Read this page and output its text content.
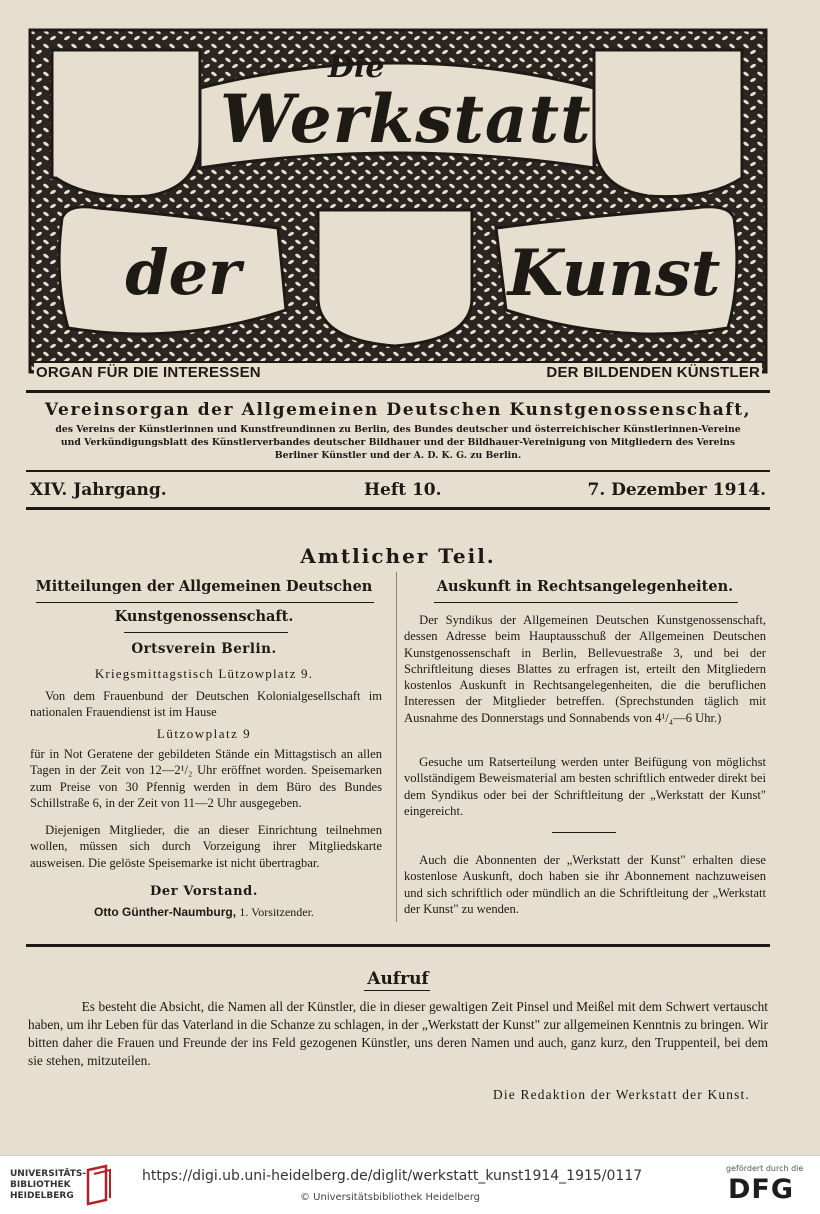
Die
Werkstatt
der	Kunst
ORGAN FÜR DIE INTERESSEN	DER BILDENDEN KÜNSTLER
Vereinsorgan der Allgemeinen Deutschen Kunstgenossenschaft,
des Vereins der Künstlerinnen und Kunstfreundinnen zu Berlin, des Bundes deutscher und österreichischer Künstlerinnen-Vereine
und Verkündigungsblatt des Künstlerverbandes deutscher Bildhauer und der Bildhauer-Vereinigung von Mitgliedern des Vereins
Berliner Künstler und der A. D. K. G. zu Berlin.
XIV. Jahrgang.	Heft 10.	7. Dezember 1914.
Amtlicher Teil.
Mitteilungen der Allgemeinen Deutschen
Kunstgenossenschaft.
Ortsverein Berlin.
Kriegsmittagstisch Lützowplatz 9.

Von dem Frauenbund der Deutschen Kolonialgesellschaft im nationalen Frauendienst ist im Hause

Lützowplatz 9

für in Not Geratene der gebildeten Stände ein Mittagstisch an allen Tagen in der Zeit von 12—2¹/₂ Uhr eröffnet worden. Speisemarken zum Preise von 30 Pfennig werden in dem Büro des Bundes Schillstraße 6, in der Zeit von 11—2 Uhr ausgegeben.

Diejenigen Mitglieder, die an dieser Einrichtung teilnehmen wollen, müssen sich durch Vorzeigung ihrer Mitgliedskarte ausweisen. Die gelöste Speisemarke ist nicht übertragbar.

Der Vorstand.
Otto Günther-Naumburg, 1. Vorsitzender.
Auskunft in Rechtsangelegenheiten.

Der Syndikus der Allgemeinen Deutschen Kunstgenossenschaft, dessen Adresse beim Hauptausschuß der Allgemeinen Deutschen Kunstgenossenschaft in Berlin, Bellevuestraße 3, und bei der Schriftleitung dieses Blattes zu erfragen ist, erteilt den Mitgliedern kostenlos Auskunft in Rechtsangelegenheiten, die die beruflichen Interessen der Mitglieder betreffen. (Sprechstunden täglich mit Ausnahme des Donnerstags und Sonnabends von 4¹/₄—6 Uhr.)

Gesuche um Ratserteilung werden unter Beifügung von möglichst vollständigem Beweismaterial am besten schriftlich entweder direkt bei dem Syndikus oder bei der Schriftleitung der „Werkstatt der Kunst" eingereicht.

Auch die Abonnenten der „Werkstatt der Kunst" erhalten diese kostenlose Auskunft, doch haben sie ihr Abonnement nachzuweisen und sich schriftlich oder mündlich an die Schriftleitung der „Werkstatt der Kunst" zu wenden.

Aufruf

Es besteht die Absicht, die Namen all der Künstler, die in dieser gewaltigen Zeit Pinsel und Meißel mit dem Schwert vertauscht haben, um ihr Leben für das Vaterland in die Schanze zu schlagen, in der „Werkstatt der Kunst" zur allgemeinen Kenntnis zu bringen. Wir bitten daher die Frauen und Freunde der ins Feld gezogenen Künstler, uns deren Namen und auch, ganz kurz, den Truppenteil, bei dem sie stehen, mitzuteilen.

Die Redaktion der Werkstatt der Kunst.
UNIVERSITÄTS-
BIBLIOTHEK
HEIDELBERG
https://digi.ub.uni-heidelberg.de/diglit/werkstatt_kunst1914_1915/0117
© Universitätsbibliothek Heidelberg
gefördert durch die
DFG
